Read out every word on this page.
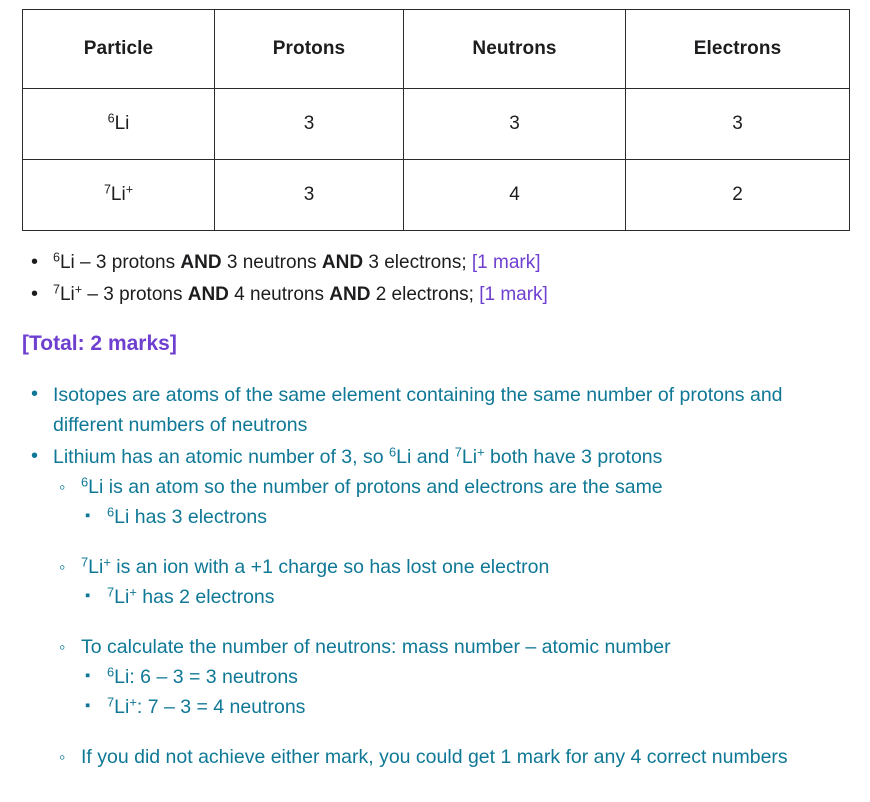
Particle	Protons	Neutrons	Electrons
$^6$Li	3	3	3
$^7$Li+	3	4	2
• $^6$Li – 3 protons AND 3 neutrons AND 3 electrons; [1 mark]
• $^7$Li+ – 3 protons AND 4 neutrons AND 2 electrons; [1 mark]
[Total: 2 marks]
• Isotopes are atoms of the same element containing the same number of protons and different numbers of neutrons
• Lithium has an atomic number of 3, so $^6$Li and $^7$Li+ both have 3 protons
◦ $^6$Li is an atom so the number of protons and electrons are the same
▪ $^6$Li has 3 electrons
◦ $^7$Li+ is an ion with a +1 charge so has lost one electron
▪ $^7$Li+ has 2 electrons
◦ To calculate the number of neutrons: mass number – atomic number
▪ $^6$Li: 6 – 3 = 3 neutrons
▪ $^7$Li+: 7 – 3 = 4 neutrons
◦ If you did not achieve either mark, you could get 1 mark for any 4 correct numbers
